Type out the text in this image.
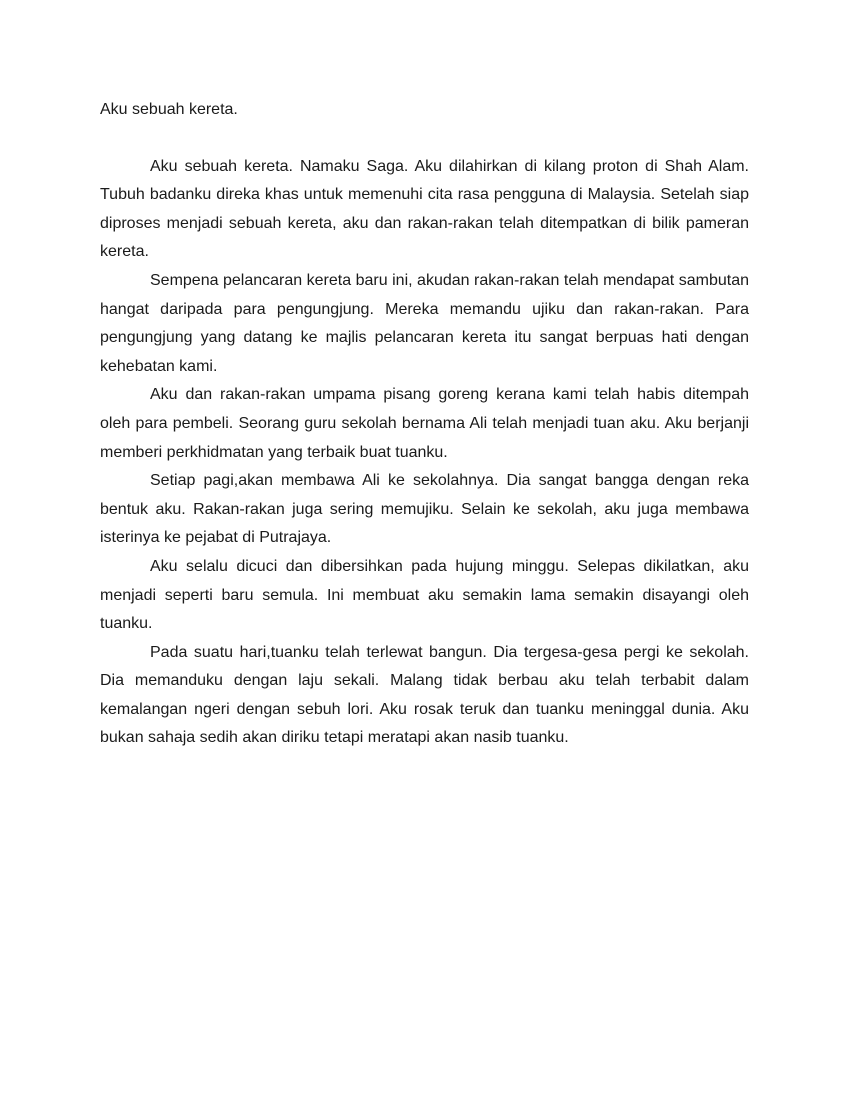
Aku sebuah kereta.

Aku sebuah kereta. Namaku Saga. Aku dilahirkan di kilang proton di Shah Alam. Tubuh badanku direka khas untuk memenuhi cita rasa pengguna di Malaysia. Setelah siap diproses menjadi sebuah kereta, aku dan rakan-rakan telah ditempatkan di bilik pameran kereta.

Sempena pelancaran kereta baru ini, akudan rakan-rakan telah mendapat sambutan hangat daripada para pengungjung. Mereka memandu ujiku dan rakan-rakan. Para pengungjung yang datang ke majlis pelancaran kereta itu sangat berpuas hati dengan kehebatan kami.

Aku dan rakan-rakan umpama pisang goreng kerana kami telah habis ditempah oleh para pembeli. Seorang guru sekolah bernama Ali telah menjadi tuan aku. Aku berjanji memberi perkhidmatan yang terbaik buat tuanku.

Setiap pagi,akan membawa Ali ke sekolahnya. Dia sangat bangga dengan reka bentuk aku. Rakan-rakan juga sering memujiku. Selain ke sekolah, aku juga membawa isterinya ke pejabat di Putrajaya.

Aku selalu dicuci dan dibersihkan pada hujung minggu. Selepas dikilatkan, aku menjadi seperti baru semula. Ini membuat aku semakin lama semakin disayangi oleh tuanku.

Pada suatu hari,tuanku telah terlewat bangun. Dia tergesa-gesa pergi ke sekolah. Dia memanduku dengan laju sekali. Malang tidak berbau aku telah terbabit dalam kemalangan ngeri dengan sebuh lori. Aku rosak teruk dan tuanku meninggal dunia. Aku bukan sahaja sedih akan diriku tetapi meratapi akan nasib tuanku.
